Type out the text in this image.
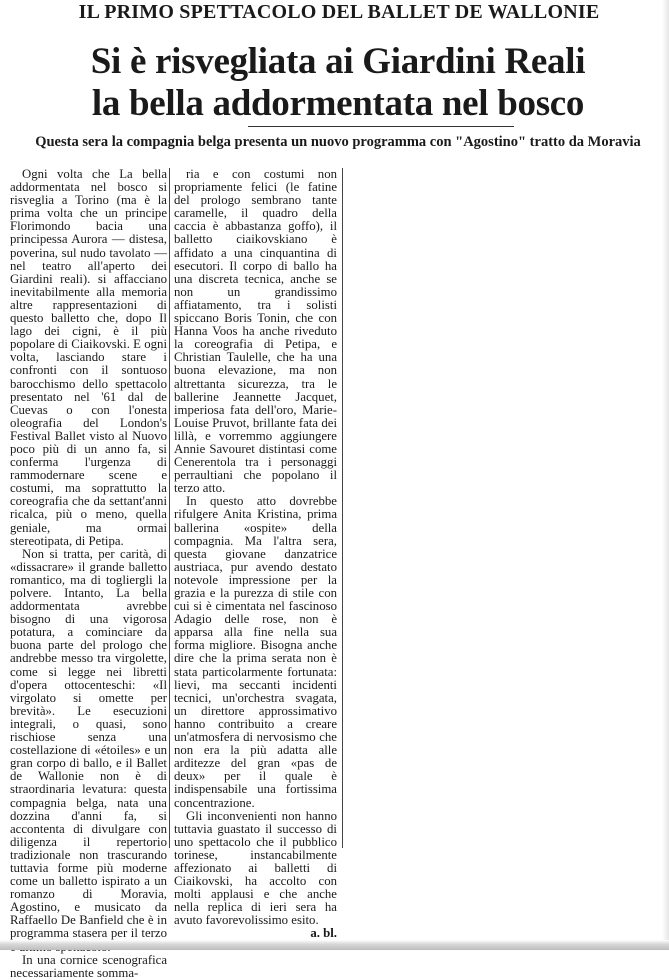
IL PRIMO SPETTACOLO DEL BALLET DE WALLONIE
Si è risvegliata ai Giardini Reali
la bella addormentata nel bosco
Questa sera la compagnia belga presenta un nuovo programma con "Agostino" tratto da Moravia

Ogni volta che La bella addormentata nel bosco si risveglia a Torino (ma è la prima volta che un principe Florimondo bacia una principessa Aurora — distesa, poverina, sul nudo tavolato — nel teatro all'aperto dei Giardini reali). si affacciano inevitabilmente alla memoria altre rappresentazioni di questo balletto che, dopo Il lago dei cigni, è il più popolare di Ciaikovski. E ogni volta, lasciando stare i confronti con il sontuoso barocchismo dello spettacolo presentato nel '61 dal de Cuevas o con l'onesta oleografia del London's Festival Ballet visto al Nuovo poco più di un anno fa, si conferma l'urgenza di rammodernare scene e costumi, ma soprattutto la coreografia che da settant'anni ricalca, più o meno, quella geniale, ma ormai stereotipata, di Petipa.

Non si tratta, per carità, di «dissacrare» il grande balletto romantico, ma di togliergli la polvere. Intanto, La bella addormentata avrebbe bisogno di una vigorosa potatura, a cominciare da buona parte del prologo che andrebbe messo tra virgolette, come si legge nei libretti d'opera ottocenteschi: «Il virgolato si omette per brevità». Le esecuzioni integrali, o quasi, sono rischiose senza una costellazione di «étoiles» e un gran corpo di ballo, e il Ballet de Wallonie non è di straordinaria levatura: questa compagnia belga, nata una dozzina d'anni fa, si accontenta di divulgare con diligenza il repertorio tradizionale non trascurando tuttavia forme più moderne come un balletto ispirato a un romanzo di Moravia, Agostino, e musicato da Raffaello De Banfield che è in programma stasera per il terzo

In una cornice scenografica necessariamente somma-

ria e con costumi non propriamente felici (le fatine del prologo sembrano tante caramelle, il quadro della caccia è abbastanza goffo), il balletto ciaikovskiano è affidato a una cinquantina di esecutori. Il corpo di ballo ha una discreta tecnica, anche se non un grandissimo affiatamento, tra i solisti spiccano Boris Tonin, che con Hanna Voos ha anche riveduto la coreografia di Petipa, e Christian Taulelle, che ha una buona elevazione, ma non altrettanta sicurezza, tra le ballerine Jeannette Jacquet, imperiosa fata dell'oro, Marie-Louise Pruvot, brillante fata dei lillà, e vorremmo aggiungere Annie Savouret distintasi come Cenerentola tra i personaggi perraultiani che popolano il terzo atto.

In questo atto dovrebbe rifulgere Anita Kristina, prima ballerina «ospite» della compagnia. Ma l'altra sera, questa giovane danzatrice austriaca, pur avendo destato notevole impressione per la grazia e la purezza di stile con cui si è cimentata nel fascinoso Adagio delle rose, non è apparsa alla fine nella sua forma migliore. Bisogna anche dire che la prima serata non è stata particolarmente fortunata: lievi, ma seccanti incidenti tecnici, un'orchestra svagata, un direttore approssimativo hanno contribuito a creare un'atmosfera di nervosismo che non era la più adatta alle arditezze del gran «pas de deux» per il quale è indispensabile una fortissima concentrazione.

Gli inconvenienti non hanno tuttavia guastato il successo di uno spettacolo che il pubblico torinese, instancabilmente affezionato ai balletti di Ciaikovski, ha accolto con molti applausi e che anche nella replica di ieri sera ha avuto favorevolissimo esito.
a. bl.
